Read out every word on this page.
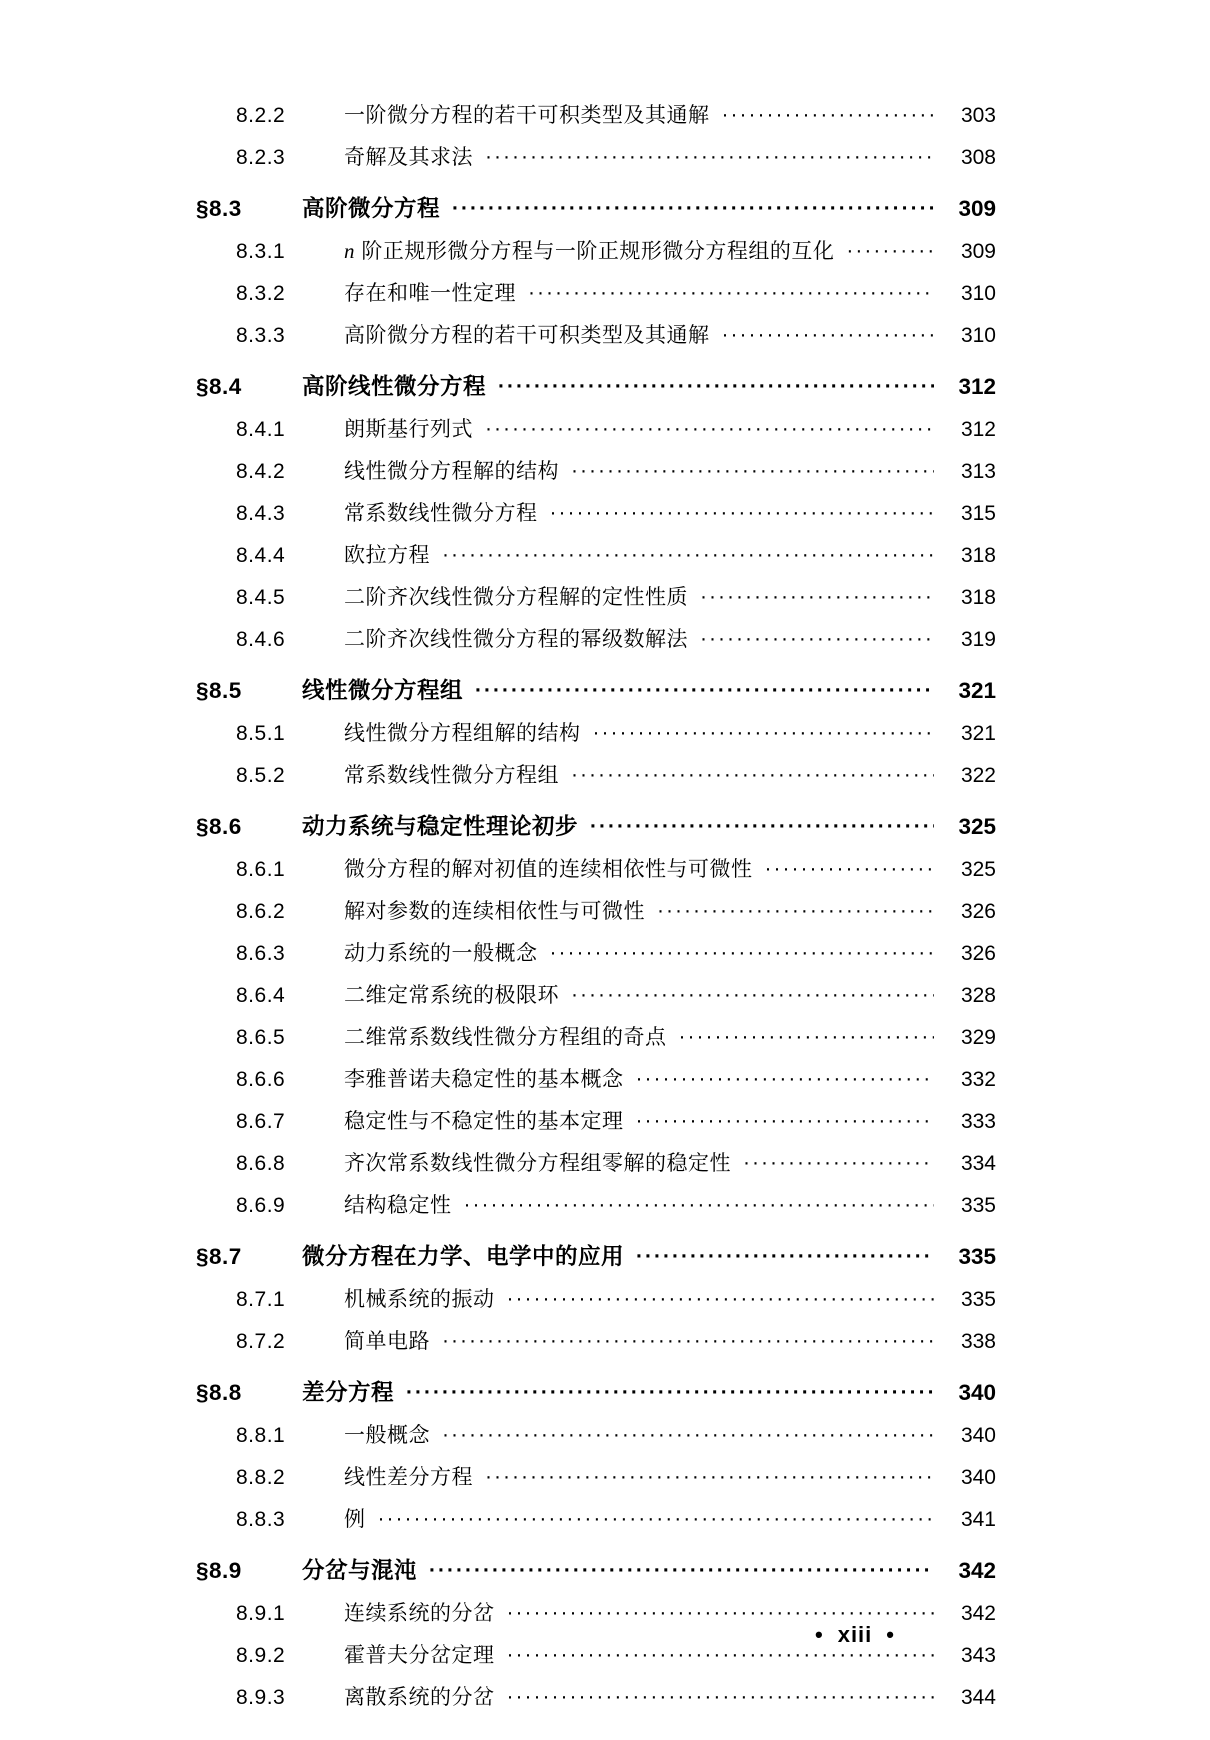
8.2.2	一阶微分方程的若干可积类型及其通解 ·····	303
8.2.3	奇解及其求法 ·····	308
§8.3	高阶微分方程 ·····	309
8.3.1	n 阶正规形微分方程与一阶正规形微分方程组的互化 ·····	309
8.3.2	存在和唯一性定理 ·····	310
8.3.3	高阶微分方程的若干可积类型及其通解 ·····	310
§8.4	高阶线性微分方程 ·····	312
8.4.1	朗斯基行列式 ·····	312
8.4.2	线性微分方程解的结构 ·····	313
8.4.3	常系数线性微分方程 ·····	315
8.4.4	欧拉方程 ·····	318
8.4.5	二阶齐次线性微分方程解的定性性质 ·····	318
8.4.6	二阶齐次线性微分方程的幂级数解法 ·····	319
§8.5	线性微分方程组 ·····	321
8.5.1	线性微分方程组解的结构 ·····	321
8.5.2	常系数线性微分方程组 ·····	322
§8.6	动力系统与稳定性理论初步 ·····	325
8.6.1	微分方程的解对初值的连续相依性与可微性 ·····	325
8.6.2	解对参数的连续相依性与可微性 ·····	326
8.6.3	动力系统的一般概念 ·····	326
8.6.4	二维定常系统的极限环 ·····	328
8.6.5	二维常系数线性微分方程组的奇点 ·····	329
8.6.6	李雅普诺夫稳定性的基本概念 ·····	332
8.6.7	稳定性与不稳定性的基本定理 ·····	333
8.6.8	齐次常系数线性微分方程组零解的稳定性 ·····	334
8.6.9	结构稳定性 ·····	335
§8.7	微分方程在力学、电学中的应用 ·····	335
8.7.1	机械系统的振动 ·····	335
8.7.2	简单电路 ·····	338
§8.8	差分方程 ·····	340
8.8.1	一般概念 ·····	340
8.8.2	线性差分方程 ·····	340
8.8.3	例 ·····	341
§8.9	分岔与混沌 ·····	342
8.9.1	连续系统的分岔 ·····	342
8.9.2	霍普夫分岔定理 ·····	343
8.9.3	离散系统的分岔 ·····	344
• xiii •
